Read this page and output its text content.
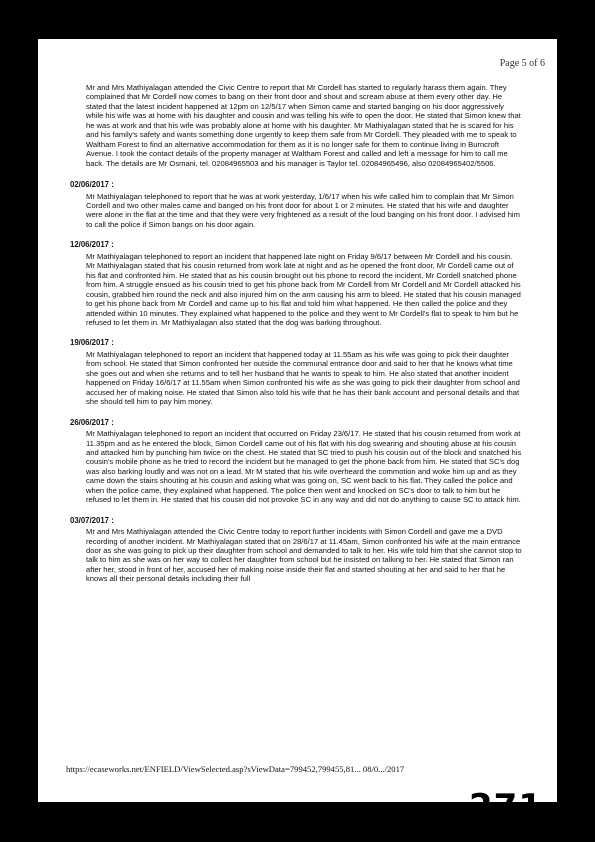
Page 5 of 6

Mr and Mrs Mathiyalagan attended the Civic Centre to report that Mr Cordell has started to regularly harass them again. They complained that Mr Cordell now comes to bang on their front door and shout and scream abuse at them every other day. He stated that the latest incident happened at 12pm on 12/5/17 when Simon came and started banging on his door aggressively while his wife was at home with his daughter and cousin and was telling his wife to open the door. He stated that Simon knew that he was at work and that his wife was probably alone at home with his daughter. Mr Mathiyalagan stated that he is scared for his and his family's safety and wants something done urgently to keep them safe from Mr Cordell. They pleaded with me to speak to Waltham Forest to find an alternative accommodation for them as it is no longer safe for them to continue living in Burncroft Avenue. I took the contact details of the property manager at Waltham Forest and called and left a message for him to call me back. The details are Mr Osmani, tel. 02084965503 and his manager is Taylor tel. 02084965496, also 02084965402/5506.

02/06/2017 :

Mr Mathiyalagan telephoned to report that he was at work yesterday, 1/6/17 when his wife called him to complain that Mr Simon Cordell and two other males came and banged on his front door for about 1 or 2 minutes. He stated that his wife and daughter were alone in the flat at the time and that they were very frightened as a result of the loud banging on his front door. I advised him to call the police if Simon bangs on his door again.

12/06/2017 :

Mr Mathiyalagan telephoned to report an incident that happened late night on Friday 9/6/17 between Mr Cordell and his cousin. Mr Mathiyalagan stated that his cousin returned from work late at night and as he opened the front door, Mr Cordell came out of his flat and confronted him. He stated that as his cousin brought out his phone to record the incident, Mr Cordell snatched phone from him. A struggle ensued as his cousin tried to get his phone back from Mr Cordell from Mr Cordell and Mr Cordell attacked his cousin, grabbed him round the neck and also injured him on the arm causing his arm to bleed. He stated that his cousin managed to get his phone back from Mr Cordell and came up to his flat and told him what happened. He then called the police and they attended within 10 minutes. They explained what happened to the police and they went to Mr Cordell's flat to speak to him but he refused to let them in. Mr Mathiyalagan also stated that the dog was barking throughout.

19/06/2017 :

Mr Mathiyalagan telephoned to report an incident that happened today at 11.55am as his wife was going to pick their daughter from school. He stated that Simon confronted her outside the communal entrance door and said to her that he knows what time she goes out and when she returns and to tell her husband that he wants to speak to him. He also stated that another incident happened on Friday 16/6/17 at 11.55am when Simon confronted his wife as she was going to pick their daughter from school and accused her of making noise. He stated that Simon also told his wife that he has their bank account and personal details and that she should tell him to pay him money.

26/06/2017 :

Mr Mathiyalagan telephoned to report an incident that occurred on Friday 23/6/17. He stated that his cousin returned from work at 11.35pm and as he entered the block, Simon Cordell came out of his flat with his dog swearing and shouting abuse at his cousin and attacked him by punching him twice on the chest. He stated that SC tried to push his cousin out of the block and snatched his cousin's mobile phone as he tried to record the incident but he managed to get the phone back from him. He stated that SC's dog was also barking loudly and was not on a lead. Mr M stated that his wife overheard the commotion and woke him up and as they came down the stairs shouting at his cousin and asking what was going on, SC went back to his flat. They called the police and when the police came, they explained what happened. The police then went and knocked on SC's door to talk to him but he refused to let them in. He stated that his cousin did not provoke SC in any way and did not do anything to cause SC to attack him.

03/07/2017 :

Mr and Mrs Mathiyalagan attended the Civic Centre today to report further incidents with Simon Cordell and gave me a DVD recording of another incident. Mr Mathiyalagan stated that on 28/6/17 at 11.45am, Simon confronted his wife at the main entrance door as she was going to pick up their daughter from school and demanded to talk to her. His wife told him that she cannot stop to talk to him as she was on her way to collect her daughter from school but he insisted on talking to her. He stated that Simon ran after her, stood in front of her, accused her of making noise inside their flat and started shouting at her and said to her that he knows all their personal details including their full

https://ecaseworks.net/ENFIELD/ViewSelected.asp?sViewData=799452,799455,81... 08/0.../2017
271 39
